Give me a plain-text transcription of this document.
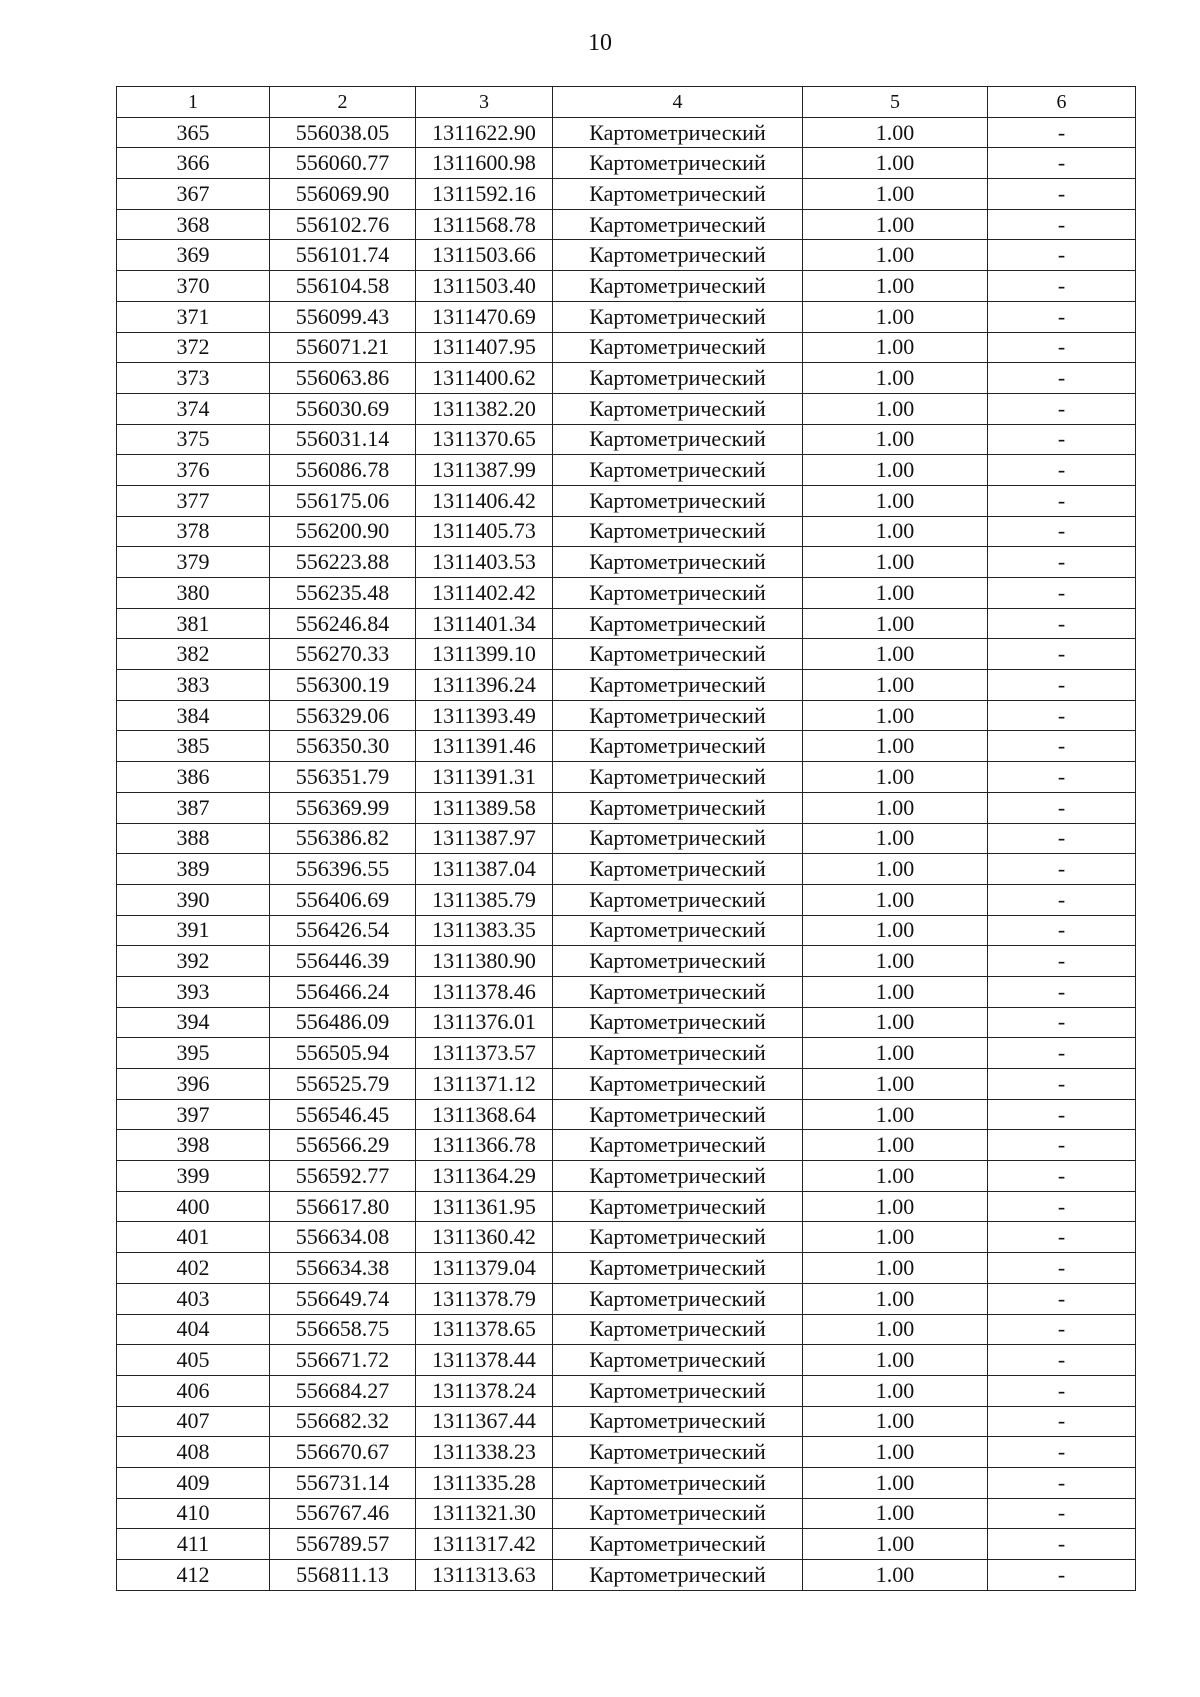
10
1	2	3	4	5	6
365	556038.05	1311622.90	Картометрический	1.00	-
366	556060.77	1311600.98	Картометрический	1.00	-
367	556069.90	1311592.16	Картометрический	1.00	-
368	556102.76	1311568.78	Картометрический	1.00	-
369	556101.74	1311503.66	Картометрический	1.00	-
370	556104.58	1311503.40	Картометрический	1.00	-
371	556099.43	1311470.69	Картометрический	1.00	-
372	556071.21	1311407.95	Картометрический	1.00	-
373	556063.86	1311400.62	Картометрический	1.00	-
374	556030.69	1311382.20	Картометрический	1.00	-
375	556031.14	1311370.65	Картометрический	1.00	-
376	556086.78	1311387.99	Картометрический	1.00	-
377	556175.06	1311406.42	Картометрический	1.00	-
378	556200.90	1311405.73	Картометрический	1.00	-
379	556223.88	1311403.53	Картометрический	1.00	-
380	556235.48	1311402.42	Картометрический	1.00	-
381	556246.84	1311401.34	Картометрический	1.00	-
382	556270.33	1311399.10	Картометрический	1.00	-
383	556300.19	1311396.24	Картометрический	1.00	-
384	556329.06	1311393.49	Картометрический	1.00	-
385	556350.30	1311391.46	Картометрический	1.00	-
386	556351.79	1311391.31	Картометрический	1.00	-
387	556369.99	1311389.58	Картометрический	1.00	-
388	556386.82	1311387.97	Картометрический	1.00	-
389	556396.55	1311387.04	Картометрический	1.00	-
390	556406.69	1311385.79	Картометрический	1.00	-
391	556426.54	1311383.35	Картометрический	1.00	-
392	556446.39	1311380.90	Картометрический	1.00	-
393	556466.24	1311378.46	Картометрический	1.00	-
394	556486.09	1311376.01	Картометрический	1.00	-
395	556505.94	1311373.57	Картометрический	1.00	-
396	556525.79	1311371.12	Картометрический	1.00	-
397	556546.45	1311368.64	Картометрический	1.00	-
398	556566.29	1311366.78	Картометрический	1.00	-
399	556592.77	1311364.29	Картометрический	1.00	-
400	556617.80	1311361.95	Картометрический	1.00	-
401	556634.08	1311360.42	Картометрический	1.00	-
402	556634.38	1311379.04	Картометрический	1.00	-
403	556649.74	1311378.79	Картометрический	1.00	-
404	556658.75	1311378.65	Картометрический	1.00	-
405	556671.72	1311378.44	Картометрический	1.00	-
406	556684.27	1311378.24	Картометрический	1.00	-
407	556682.32	1311367.44	Картометрический	1.00	-
408	556670.67	1311338.23	Картометрический	1.00	-
409	556731.14	1311335.28	Картометрический	1.00	-
410	556767.46	1311321.30	Картометрический	1.00	-
411	556789.57	1311317.42	Картометрический	1.00	-
412	556811.13	1311313.63	Картометрический	1.00	-
